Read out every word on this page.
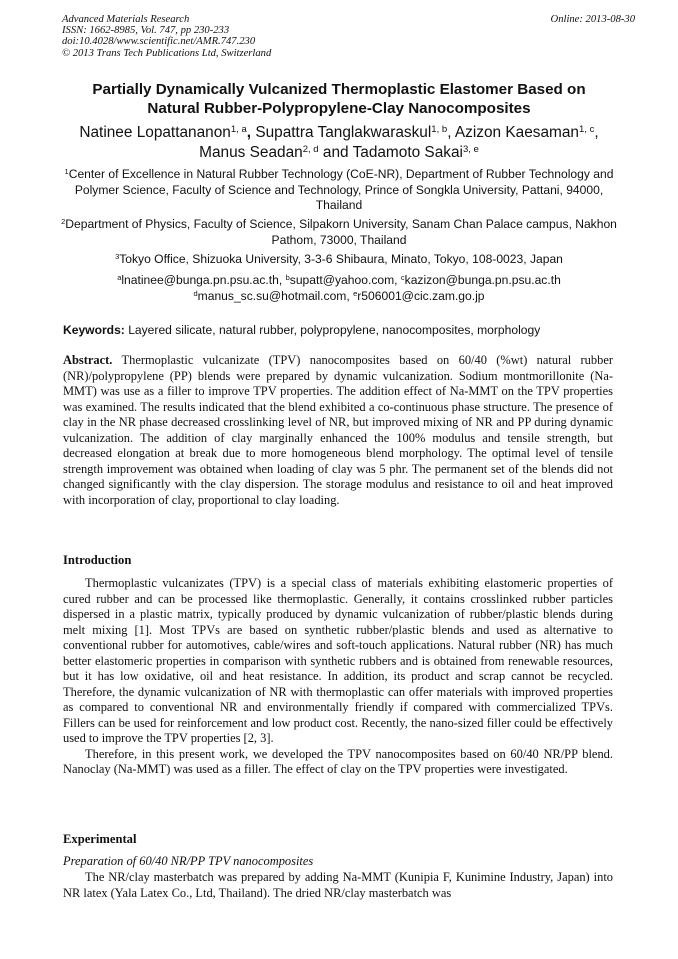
Advanced Materials Research
ISSN: 1662-8985, Vol. 747, pp 230-233
doi:10.4028/www.scientific.net/AMR.747.230
© 2013 Trans Tech Publications Ltd, Switzerland
Online: 2013-08-30
Partially Dynamically Vulcanized Thermoplastic Elastomer Based on
Natural Rubber-Polypropylene-Clay Nanocomposites
Natinee Lopattananon$^{1, a}$, Supattra Tanglakwaraskul$^{1, b}$, Azizon Kaesaman$^{1, c}$,
Manus Seadan$^{2, d}$ and Tadamoto Sakai$^{3, e}$
$^1$Center of Excellence in Natural Rubber Technology (CoE-NR), Department of Rubber Technology and Polymer Science, Faculty of Science and Technology, Prince of Songkla University, Pattani, 94000, Thailand
$^2$Department of Physics, Faculty of Science, Silpakorn University, Sanam Chan Palace campus, Nakhon Pathom, 73000, Thailand
$^3$Tokyo Office, Shizuoka University, 3-3-6 Shibaura, Minato, Tokyo, 108-0023, Japan
$^a$lnatinee@bunga.pn.psu.ac.th, $^b$supatt@yahoo.com, $^c$kazizon@bunga.pn.psu.ac.th
$^d$manus_sc.su@hotmail.com, $^e$r506001@cic.zam.go.jp
Keywords: Layered silicate, natural rubber, polypropylene, nanocomposites, morphology
Abstract. Thermoplastic vulcanizate (TPV) nanocomposites based on 60/40 (%wt) natural rubber (NR)/polypropylene (PP) blends were prepared by dynamic vulcanization. Sodium montmorillonite (Na-MMT) was use as a filler to improve TPV properties. The addition effect of Na-MMT on the TPV properties was examined. The results indicated that the blend exhibited a co-continuous phase structure. The presence of clay in the NR phase decreased crosslinking level of NR, but improved mixing of NR and PP during dynamic vulcanization. The addition of clay marginally enhanced the 100% modulus and tensile strength, but decreased elongation at break due to more homogeneous blend morphology. The optimal level of tensile strength improvement was obtained when loading of clay was 5 phr. The permanent set of the blends did not changed significantly with the clay dispersion. The storage modulus and resistance to oil and heat improved with incorporation of clay, proportional to clay loading.
Introduction
Thermoplastic vulcanizates (TPV) is a special class of materials exhibiting elastomeric properties of cured rubber and can be processed like thermoplastic. Generally, it contains crosslinked rubber particles dispersed in a plastic matrix, typically produced by dynamic vulcanization of rubber/plastic blends during melt mixing [1]. Most TPVs are based on synthetic rubber/plastic blends and used as alternative to conventional rubber for automotives, cable/wires and soft-touch applications. Natural rubber (NR) has much better elastomeric properties in comparison with synthetic rubbers and is obtained from renewable resources, but it has low oxidative, oil and heat resistance. In addition, its product and scrap cannot be recycled. Therefore, the dynamic vulcanization of NR with thermoplastic can offer materials with improved properties as compared to conventional NR and environmentally friendly if compared with commercialized TPVs. Fillers can be used for reinforcement and low product cost. Recently, the nano-sized filler could be effectively used to improve the TPV properties [2, 3].
Therefore, in this present work, we developed the TPV nanocomposites based on 60/40 NR/PP blend. Nanoclay (Na-MMT) was used as a filler. The effect of clay on the TPV properties were investigated.
Experimental
Preparation of 60/40 NR/PP TPV nanocomposites
The NR/clay masterbatch was prepared by adding Na-MMT (Kunipia F, Kunimine Industry, Japan) into NR latex (Yala Latex Co., Ltd, Thailand). The dried NR/clay masterbatch was
